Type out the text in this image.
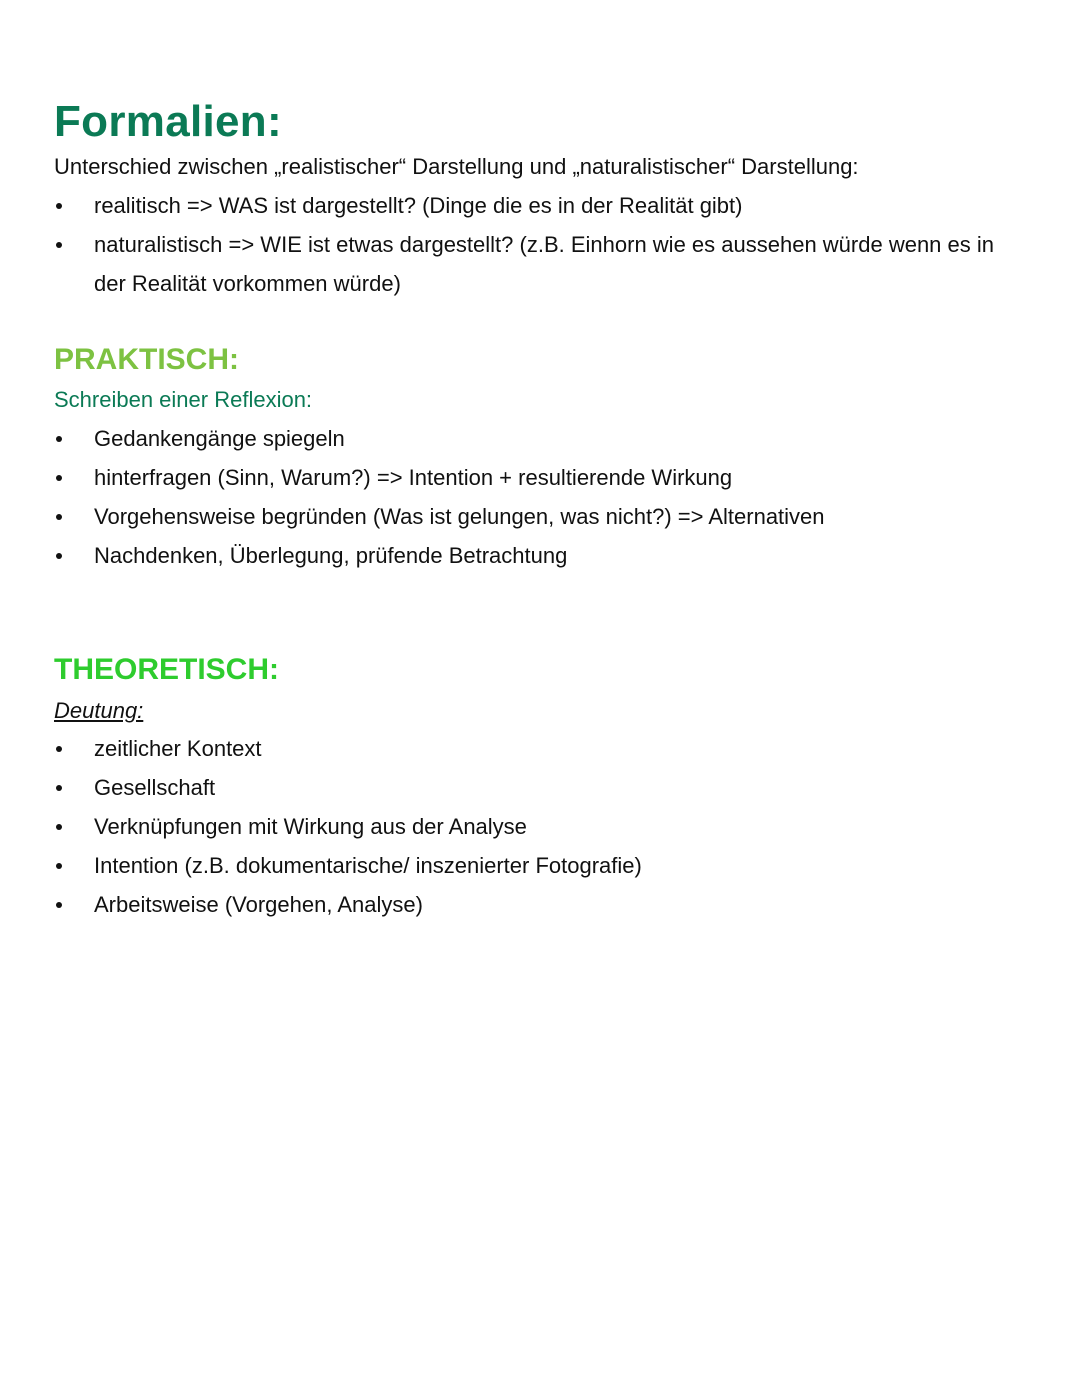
Formalien:
Unterschied zwischen „realistischer“ Darstellung und „naturalistischer“ Darstellung:
realitisch => WAS ist dargestellt? (Dinge die es in der Realität gibt)
naturalistisch => WIE ist etwas dargestellt? (z.B. Einhorn wie es aussehen würde wenn es in der Realität vorkommen würde)
PRAKTISCH:
Schreiben einer Reflexion:
Gedankengänge spiegeln
hinterfragen (Sinn, Warum?) => Intention + resultierende Wirkung
Vorgehensweise begründen (Was ist gelungen, was nicht?) => Alternativen
Nachdenken, Überlegung, prüfende Betrachtung
THEORETISCH:
Deutung:
zeitlicher Kontext
Gesellschaft
Verknüpfungen mit Wirkung aus der Analyse
Intention (z.B. dokumentarische/ inszenierter Fotografie)
Arbeitsweise (Vorgehen, Analyse)
